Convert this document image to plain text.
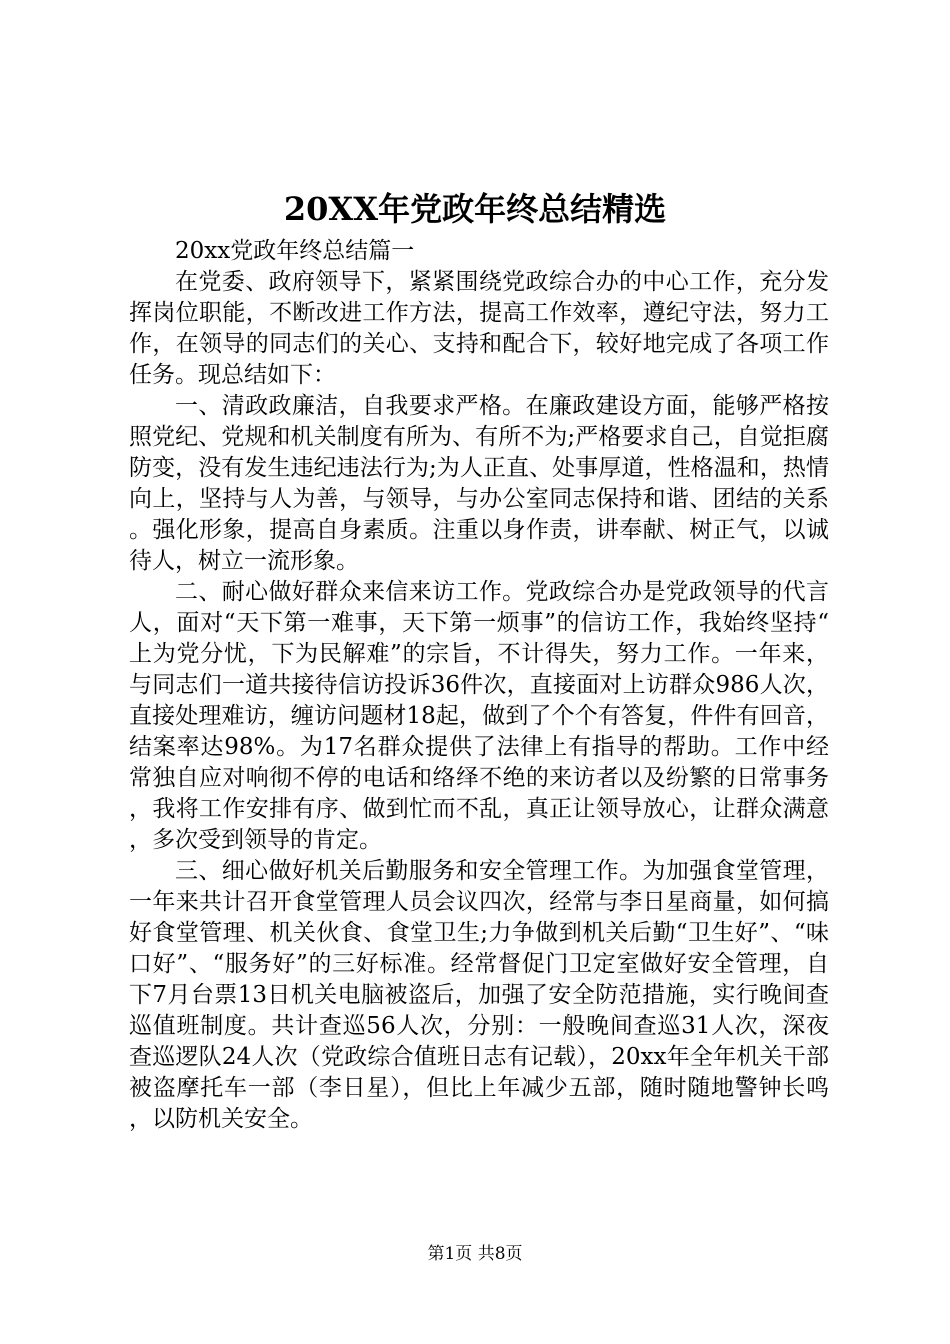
20XX年党政年终总结精选

20xx党政年终总结篇一

在党委、政府领导下，紧紧围绕党政综合办的中心工作，充分发挥岗位职能，不断改进工作方法，提高工作效率，遵纪守法，努力工作，在领导的同志们的关心、支持和配合下，较好地完成了各项工作任务。现总结如下：

一、清政政廉洁，自我要求严格。在廉政建设方面，能够严格按照党纪、党规和机关制度有所为、有所不为;严格要求自己，自觉拒腐防变，没有发生违纪违法行为;为人正直、处事厚道，性格温和，热情向上，坚持与人为善，与领导，与办公室同志保持和谐、团结的关系。强化形象，提高自身素质。注重以身作责，讲奉献、树正气，以诚待人，树立一流形象。

二、耐心做好群众来信来访工作。党政综合办是党政领导的代言人，面对“天下第一难事，天下第一烦事”的信访工作，我始终坚持“上为党分忧，下为民解难”的宗旨，不计得失，努力工作。一年来，与同志们一道共接待信访投诉36件次，直接面对上访群众986人次，直接处理难访，缠访问题材18起，做到了个个有答复，件件有回音，结案率达98%。为17名群众提供了法律上有指导的帮助。工作中经常独自应对响彻不停的电话和络绎不绝的来访者以及纷繁的日常事务，我将工作安排有序、做到忙而不乱，真正让领导放心，让群众满意，多次受到领导的肯定。

三、细心做好机关后勤服务和安全管理工作。为加强食堂管理，一年来共计召开食堂管理人员会议四次，经常与李日星商量，如何搞好食堂管理、机关伙食、食堂卫生;力争做到机关后勤“卫生好”、“味口好”、“服务好”的三好标准。经常督促门卫定室做好安全管理，自下7月台票13日机关电脑被盗后，加强了安全防范措施，实行晚间查巡值班制度。共计查巡56人次，分别：一般晚间查巡31人次，深夜查巡逻队24人次（党政综合值班日志有记载），20xx年全年机关干部被盗摩托车一部（李日星），但比上年减少五部，随时随地警钟长鸣，以防机关安全。

第1页 共8页
